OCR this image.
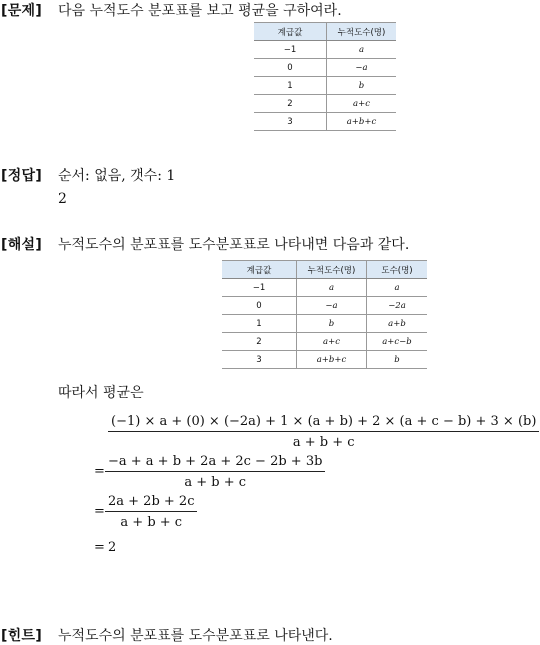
[문제] 다음 누적도수 분포표를 보고 평균을 구하여라.
계급값	누적도수(명)
−1	a
0	−a
1	b
2	a+c
3	a+b+c
[정답] 순서: 없음, 갯수: 1
2
[해설] 누적도수의 분포표를 도수분포표로 나타내면 다음과 같다.
계급값	누적도수(명)	도수(명)
−1	a	a
0	−a	−2a
1	b	a+b
2	a+c	a+c−b
3	a+b+c	b
따라서 평균은
(−1) × a + (0) × (−2a) + 1 × (a + b) + 2 × (a + c − b) + 3 × (b)
a + b + c
= $\frac{-a + a + b + 2a + 2c - 2b + 3b}{a + b + c}$
= $\frac{2a + 2b + 2c}{a + b + c}$
= 2
[힌트] 누적도수의 분포표를 도수분포표로 나타낸다.
